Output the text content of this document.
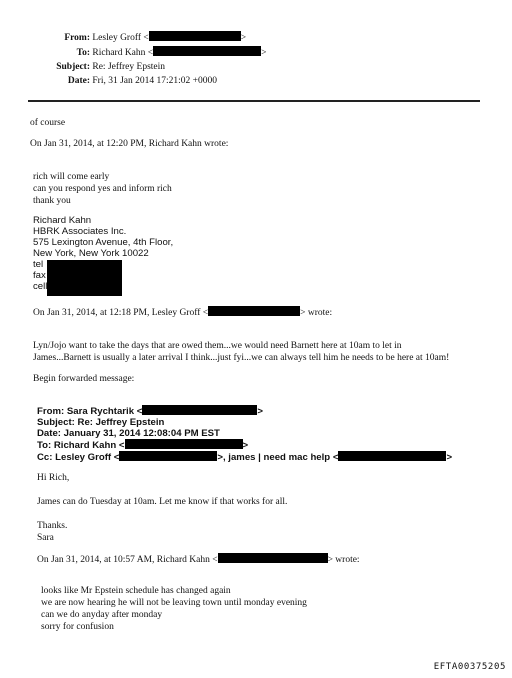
From: Lesley Groff <	>
To: Richard Kahn <	>
Subject: Re: Jeffrey Epstein
Date: Fri, 31 Jan 2014 17:21:02 +0000
of course
On Jan 31, 2014, at 12:20 PM, Richard Kahn wrote:
rich will come early
can you respond yes and inform rich
thank you
Richard Kahn
HBRK Associates Inc.
575 Lexington Avenue, 4th Floor,
New York, New York 10022
tel
fax
cell
On Jan 31, 2014, at 12:18 PM, Lesley Groff <	> wrote:
Lyn/Jojo want to take the days that are owed them...we would need Barnett here at 10am to let in
James...Barnett is usually a later arrival I think...just fyi...we can always tell him he needs to be here at 10am!
Begin forwarded message:
From: Sara Rychtarik <	>
Subject: Re: Jeffrey Epstein
Date: January 31, 2014 12:08:04 PM EST
To: Richard Kahn <	>
Cc: Lesley Groff <	>, james | need mac help <	>
Hi Rich,
James can do Tuesday at 10am. Let me know if that works for all.
Thanks.
Sara
On Jan 31, 2014, at 10:57 AM, Richard Kahn <	> wrote:
looks like Mr Epstein schedule has changed again
we are now hearing he will not be leaving town until monday evening
can we do anyday after monday
sorry for confusion
EFTA00375205
